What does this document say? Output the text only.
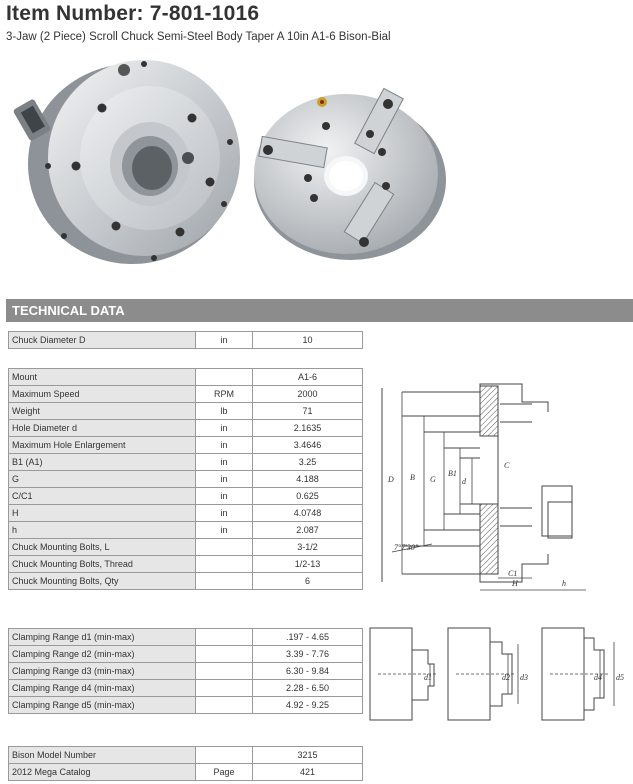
Item Number: 7-801-1016
3-Jaw (2 Piece) Scroll Chuck Semi-Steel Body Taper A 10in A1-6 Bison-Bial
TECHNICAL DATA
Chuck Diameter D	in	10
Mount		A1-6
Maximum Speed	RPM	2000
Weight	lb	71
Hole Diameter d	in	2.1635
Maximum Hole Enlargement	in	3.4646
B1 (A1)	in	3.25
G	in	4.188
C/C1	in	0.625
H	in	4.0748
h	in	2.087
Chuck Mounting Bolts, L		3-1/2
Chuck Mounting Bolts, Thread		1/2-13
Chuck Mounting Bolts, Qty		6
Clamping Range d1 (min-max)		.197 - 4.65
Clamping Range d2 (min-max)		3.39 - 7.76
Clamping Range d3 (min-max)		6.30 - 9.84
Clamping Range d4 (min-max)		2.28 - 6.50
Clamping Range d5 (min-max)		4.92 - 9.25
Bison Model Number		3215
2012 Mega Catalog	Page	421
D B G
B1
d
C
C1
H	h
7°7'30"
d1	d2 d3	d4 d5
